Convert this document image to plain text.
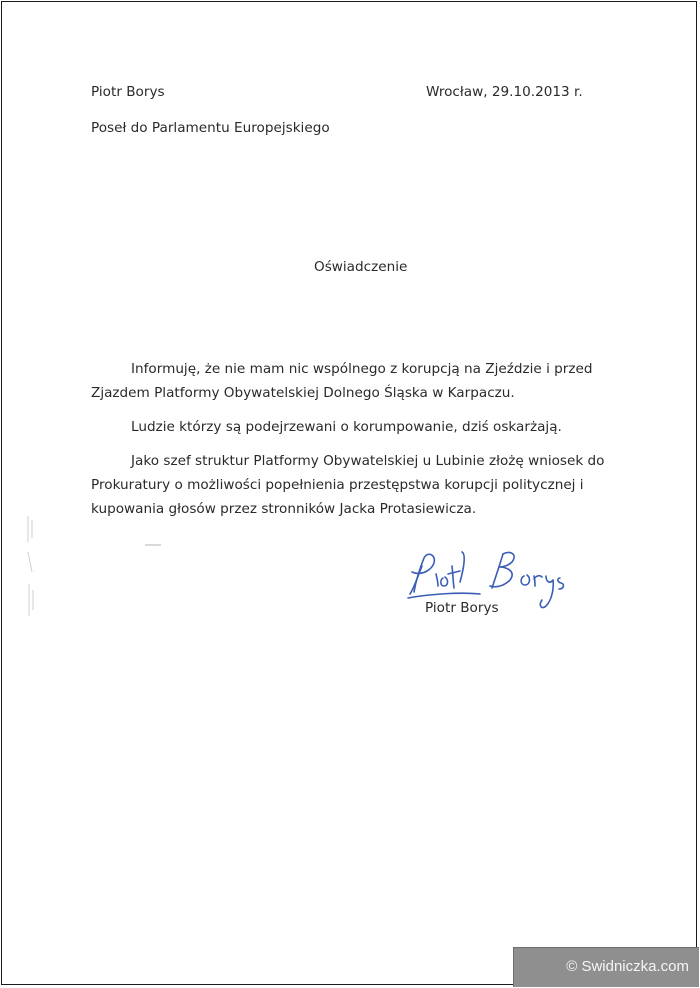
Piotr Borys	Wrocław, 29.10.2013 r.
Poseł do Parlamentu Europejskiego
Oświadczenie
Informuję, że nie mam nic wspólnego z korupcją na Zjeździe i przed
Zjazdem Platformy Obywatelskiej Dolnego Śląska w Karpaczu.
Ludzie którzy są podejrzewani o korumpowanie, dziś oskarżają.
Jako szef struktur Platformy Obywatelskiej u Lubinie złożę wniosek do
Prokuratury o możliwości popełnienia przestępstwa korupcji politycznej i
kupowania głosów przez stronników Jacka Protasiewicza.
Piotr Borys
© Swidniczka.com
